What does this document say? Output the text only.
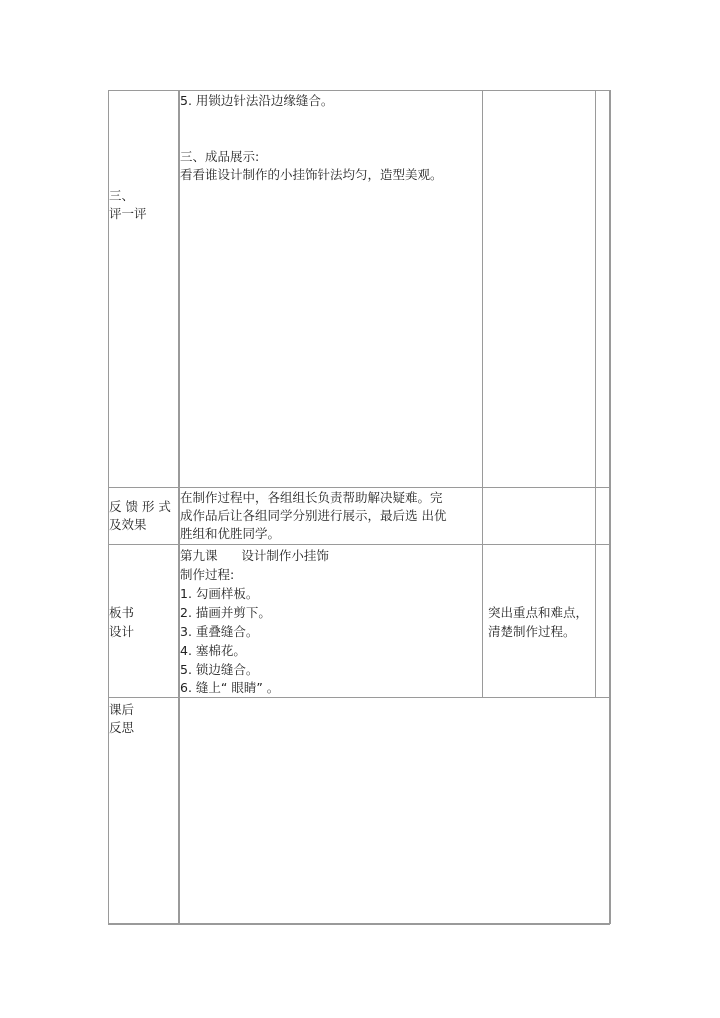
三、
评一评
5. 用锁边针法沿边缘缝合。
三、成品展示:
看看谁设计制作的小挂饰针法均匀，造型美观。
反 馈 形 式
及效果
在制作过程中，各组组长负责帮助解决疑难。完
成作品后让各组同学分别进行展示，最后选 出优
胜组和优胜同学。
板书
设计
第九课      设计制作小挂饰
制作过程:
1. 勾画样板。
2. 描画并剪下。
3. 重叠缝合。
4. 塞棉花。
5. 锁边缝合。
6. 缝上“ 眼睛” 。
突出重点和难点，
清楚制作过程。
课后
反思
